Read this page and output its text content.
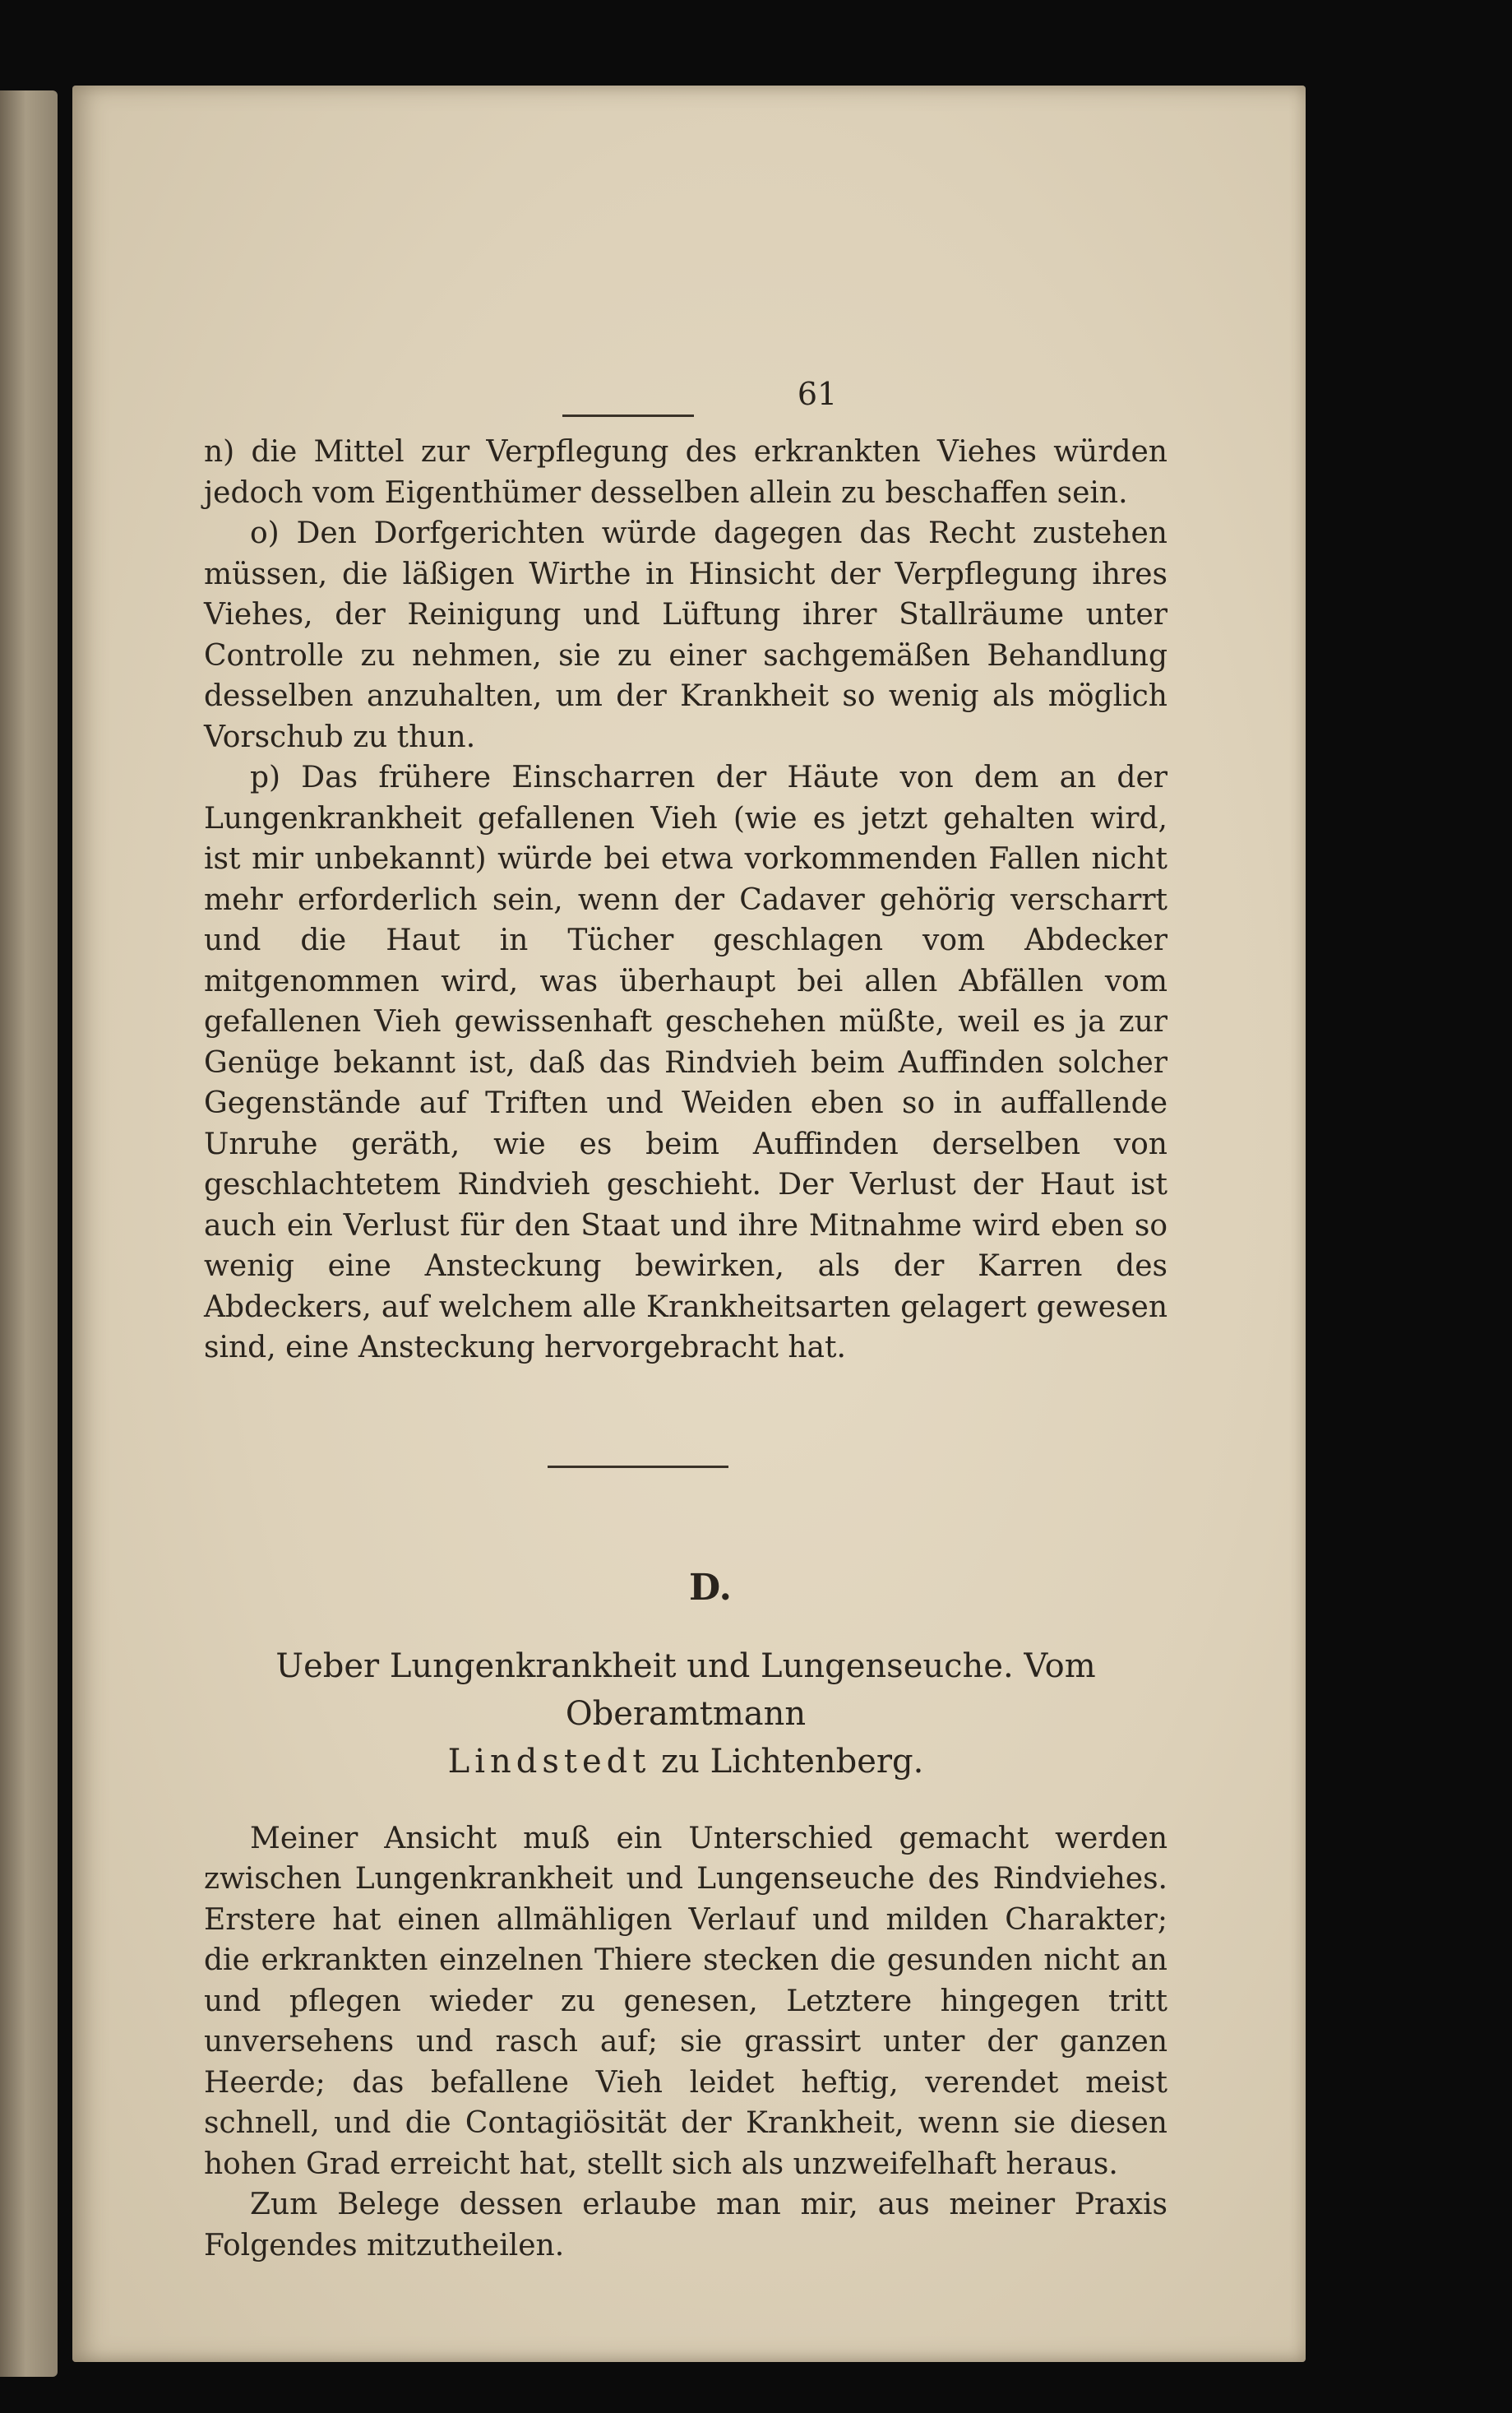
61

n) die Mittel zur Verpflegung des erkrankten Viehes würden jedoch vom Eigenthümer desselben allein zu beschaffen sein.

o) Den Dorfgerichten würde dagegen das Recht zustehen müssen, die läßigen Wirthe in Hinsicht der Verpflegung ihres Viehes, der Reinigung und Lüftung ihrer Stallräume unter Controlle zu nehmen, sie zu einer sachgemäßen Behandlung desselben anzuhalten, um der Krankheit so wenig als möglich Vorschub zu thun.

p) Das frühere Einscharren der Häute von dem an der Lungenkrankheit gefallenen Vieh (wie es jetzt gehalten wird, ist mir unbekannt) würde bei etwa vorkommenden Fallen nicht mehr erforderlich sein, wenn der Cadaver gehörig verscharrt und die Haut in Tücher geschlagen vom Abdecker mitgenommen wird, was überhaupt bei allen Abfällen vom gefallenen Vieh gewissenhaft geschehen müßte, weil es ja zur Genüge bekannt ist, daß das Rindvieh beim Auffinden solcher Gegenstände auf Triften und Weiden eben so in auffallende Unruhe geräth, wie es beim Auffinden derselben von geschlachtetem Rindvieh geschieht. Der Verlust der Haut ist auch ein Verlust für den Staat und ihre Mitnahme wird eben so wenig eine Ansteckung bewirken, als der Karren des Abdeckers, auf welchem alle Krankheitsarten gelagert gewesen sind, eine Ansteckung hervorgebracht hat.

D.
Ueber Lungenkrankheit und Lungenseuche. Vom Oberamtmann
Lindstedt zu Lichtenberg.

Meiner Ansicht muß ein Unterschied gemacht werden zwischen Lungenkrankheit und Lungenseuche des Rindviehes. Erstere hat einen allmähligen Verlauf und milden Charakter; die erkrankten einzelnen Thiere stecken die gesunden nicht an und pflegen wieder zu genesen, Letztere hingegen tritt unversehens und rasch auf; sie grassirt unter der ganzen Heerde; das befallene Vieh leidet heftig, verendet meist schnell, und die Contagiösität der Krankheit, wenn sie diesen hohen Grad erreicht hat, stellt sich als unzweifelhaft heraus.

Zum Belege dessen erlaube man mir, aus meiner Praxis Folgendes mitzutheilen.
